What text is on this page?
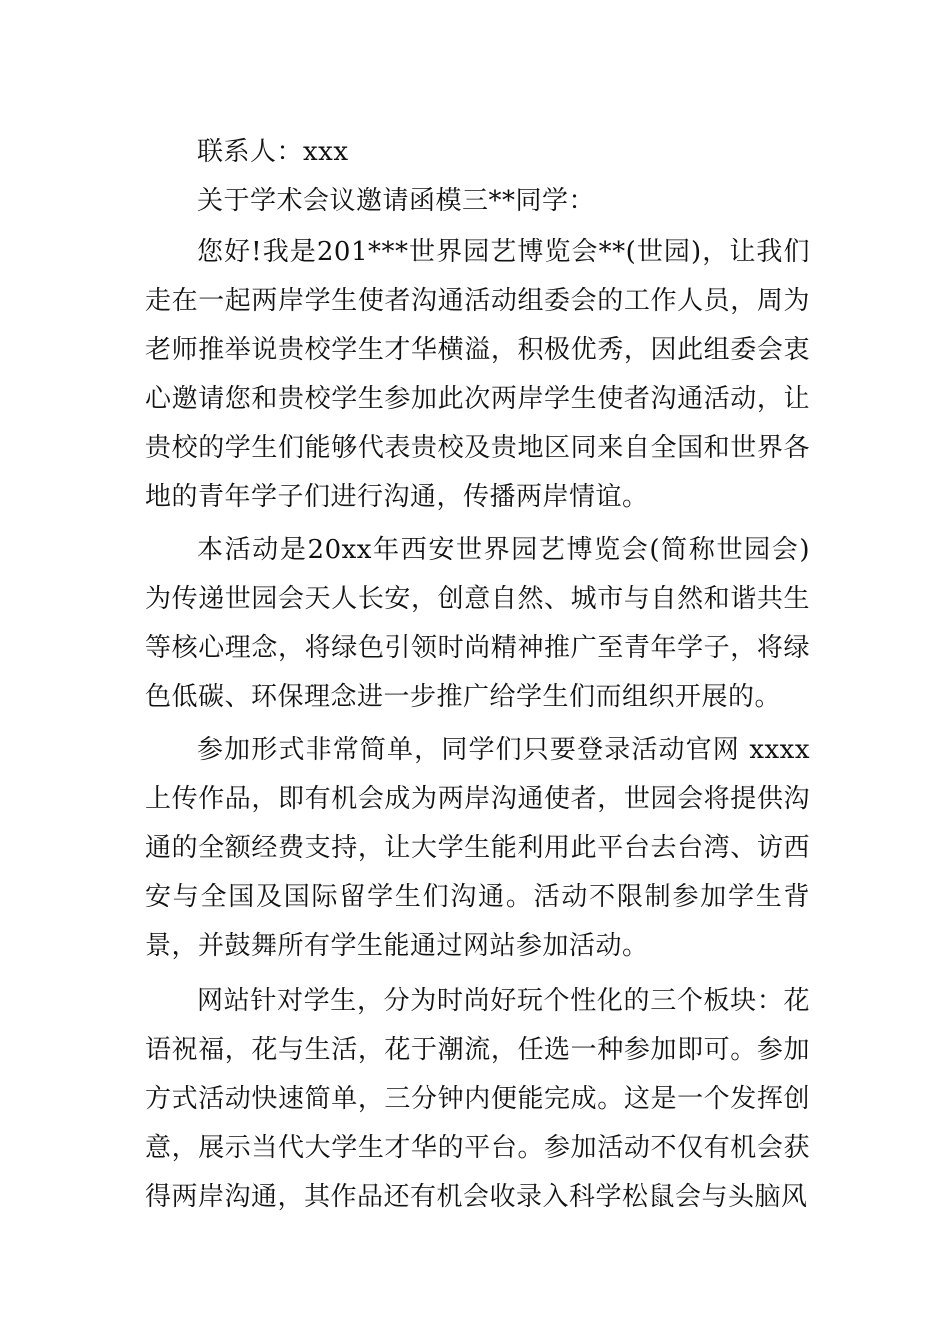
联系人：xxx

关于学术会议邀请函模三**同学：

您好!我是201***世界园艺博览会**(世园)，让我们走在一起两岸学生使者沟通活动组委会的工作人员，周为老师推举说贵校学生才华横溢，积极优秀，因此组委会衷心邀请您和贵校学生参加此次两岸学生使者沟通活动，让贵校的学生们能够代表贵校及贵地区同来自全国和世界各地的青年学子们进行沟通，传播两岸情谊。

本活动是20xx年西安世界园艺博览会(简称世园会)为传递世园会天人长安，创意自然、城市与自然和谐共生等核心理念，将绿色引领时尚精神推广至青年学子，将绿色低碳、环保理念进一步推广给学生们而组织开展的。

参加形式非常简单，同学们只要登录活动官网 xxxx上传作品，即有机会成为两岸沟通使者，世园会将提供沟通的全额经费支持，让大学生能利用此平台去台湾、访西安与全国及国际留学生们沟通。活动不限制参加学生背景，并鼓舞所有学生能通过网站参加活动。

网站针对学生，分为时尚好玩个性化的三个板块：花语祝福，花与生活，花于潮流，任选一种参加即可。参加方式活动快速简单，三分钟内便能完成。这是一个发挥创意，展示当代大学生才华的平台。参加活动不仅有机会获得两岸沟通，其作品还有机会收录入科学松鼠会与头脑风
